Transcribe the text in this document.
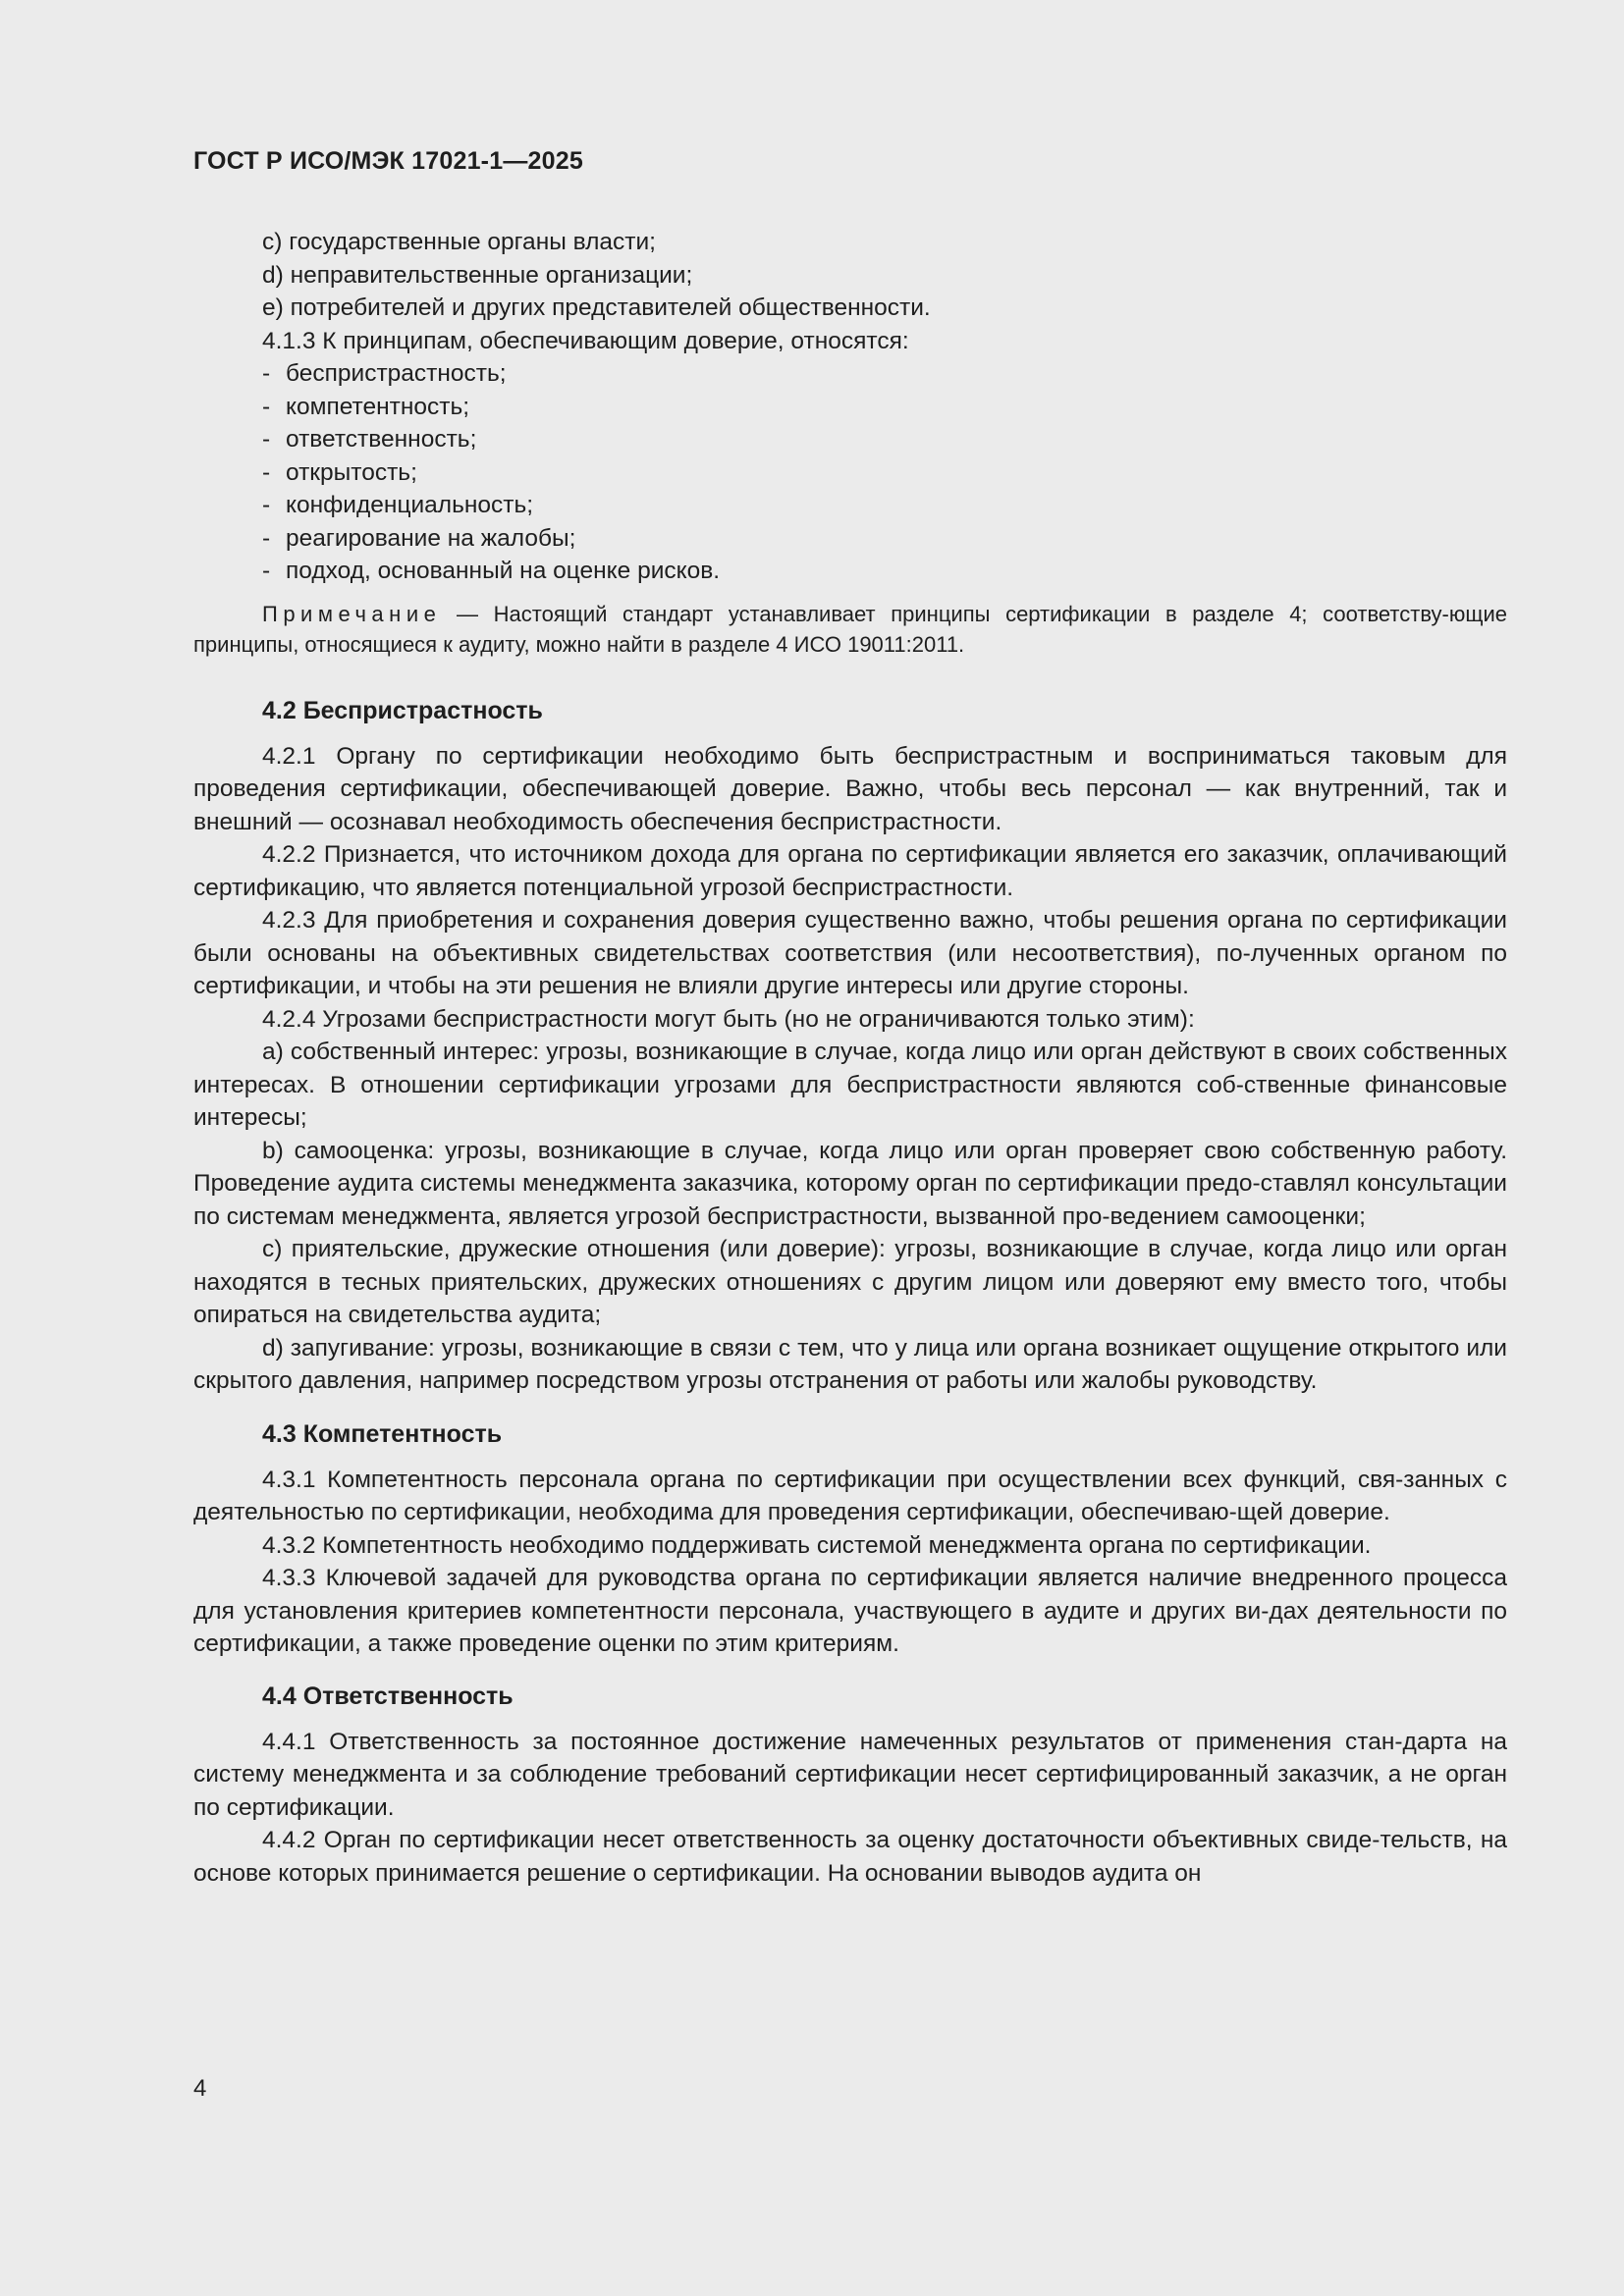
ГОСТ Р ИСО/МЭК 17021-1—2025

c) государственные органы власти;

d) неправительственные организации;

e) потребителей и других представителей общественности.

4.1.3 К принципам, обеспечивающим доверие, относятся:

- беспристрастность;
- компетентность;
- ответственность;
- открытость;
- конфиденциальность;
- реагирование на жалобы;
- подход, основанный на оценке рисков.
Примечание — Настоящий стандарт устанавливает принципы сертификации в разделе 4; соответству-ющие принципы, относящиеся к аудиту, можно найти в разделе 4 ИСО 19011:2011.
4.2 Беспристрастность

4.2.1 Органу по сертификации необходимо быть беспристрастным и восприниматься таковым для проведения сертификации, обеспечивающей доверие. Важно, чтобы весь персонал — как внутренний, так и внешний — осознавал необходимость обеспечения беспристрастности.

4.2.2 Признается, что источником дохода для органа по сертификации является его заказчик, оплачивающий сертификацию, что является потенциальной угрозой беспристрастности.

4.2.3 Для приобретения и сохранения доверия существенно важно, чтобы решения органа по сертификации были основаны на объективных свидетельствах соответствия (или несоответствия), по-лученных органом по сертификации, и чтобы на эти решения не влияли другие интересы или другие стороны.

4.2.4 Угрозами беспристрастности могут быть (но не ограничиваются только этим):

a) собственный интерес: угрозы, возникающие в случае, когда лицо или орган действуют в своих собственных интересах. В отношении сертификации угрозами для беспристрастности являются соб-ственные финансовые интересы;

b) самооценка: угрозы, возникающие в случае, когда лицо или орган проверяет свою собственную работу. Проведение аудита системы менеджмента заказчика, которому орган по сертификации предо-ставлял консультации по системам менеджмента, является угрозой беспристрастности, вызванной про-ведением самооценки;

c) приятельские, дружеские отношения (или доверие): угрозы, возникающие в случае, когда лицо или орган находятся в тесных приятельских, дружеских отношениях с другим лицом или доверяют ему вместо того, чтобы опираться на свидетельства аудита;

d) запугивание: угрозы, возникающие в связи с тем, что у лица или органа возникает ощущение открытого или скрытого давления, например посредством угрозы отстранения от работы или жалобы руководству.

4.3 Компетентность

4.3.1 Компетентность персонала органа по сертификации при осуществлении всех функций, свя-занных с деятельностью по сертификации, необходима для проведения сертификации, обеспечиваю-щей доверие.

4.3.2 Компетентность необходимо поддерживать системой менеджмента органа по сертификации.

4.3.3 Ключевой задачей для руководства органа по сертификации является наличие внедренного процесса для установления критериев компетентности персонала, участвующего в аудите и других ви-дах деятельности по сертификации, а также проведение оценки по этим критериям.

4.4 Ответственность

4.4.1 Ответственность за постоянное достижение намеченных результатов от применения стан-дарта на систему менеджмента и за соблюдение требований сертификации несет сертифицированный заказчик, а не орган по сертификации.

4.4.2 Орган по сертификации несет ответственность за оценку достаточности объективных свиде-тельств, на основе которых принимается решение о сертификации. На основании выводов аудита он

4
